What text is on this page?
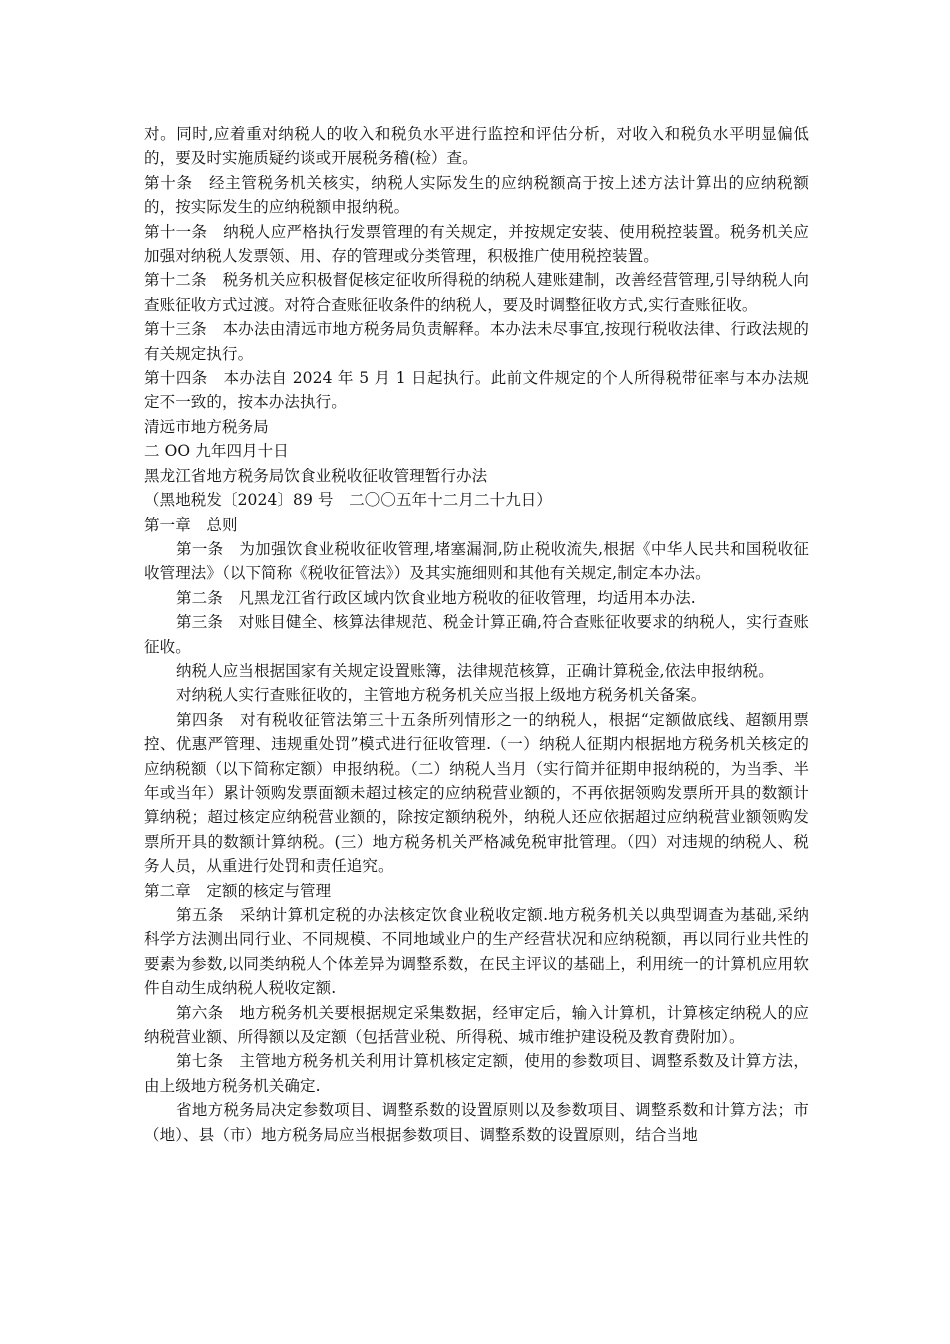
对。同时,应着重对纳税人的收入和税负水平进行监控和评估分析，对收入和税负水平明显偏低的，要及时实施质疑约谈或开展税务稽(检）查。

第十条　经主管税务机关核实，纳税人实际发生的应纳税额高于按上述方法计算出的应纳税额的，按实际发生的应纳税额申报纳税。

第十一条　纳税人应严格执行发票管理的有关规定，并按规定安装、使用税控装置。税务机关应加强对纳税人发票领、用、存的管理或分类管理，积极推广使用税控装置。

第十二条　税务机关应积极督促核定征收所得税的纳税人建账建制，改善经营管理,引导纳税人向查账征收方式过渡。对符合查账征收条件的纳税人，要及时调整征收方式,实行查账征收。

第十三条　本办法由清远市地方税务局负责解释。本办法未尽事宜,按现行税收法律、行政法规的有关规定执行。

第十四条　本办法自 2024 年 5 月 1 日起执行。此前文件规定的个人所得税带征率与本办法规定不一致的，按本办法执行。

清远市地方税务局

二 OO 九年四月十日

黑龙江省地方税务局饮食业税收征收管理暂行办法

（黑地税发〔2024〕89 号　二〇〇五年十二月二十九日）

第一章　总则

第一条　为加强饮食业税收征收管理,堵塞漏洞,防止税收流失,根据《中华人民共和国税收征收管理法》（以下简称《税收征管法》）及其实施细则和其他有关规定,制定本办法。

第二条　凡黑龙江省行政区域内饮食业地方税收的征收管理，均适用本办法.

第三条　对账目健全、核算法律规范、税金计算正确,符合查账征收要求的纳税人，实行查账征收。

纳税人应当根据国家有关规定设置账簿，法律规范核算，正确计算税金,依法申报纳税。

对纳税人实行查账征收的，主管地方税务机关应当报上级地方税务机关备案。

第四条　对有税收征管法第三十五条所列情形之一的纳税人，根据“定额做底线、超额用票控、优惠严管理、违规重处罚”模式进行征收管理.（一）纳税人征期内根据地方税务机关核定的应纳税额（以下简称定额）申报纳税。（二）纳税人当月（实行简并征期申报纳税的，为当季、半年或当年）累计领购发票面额未超过核定的应纳税营业额的，不再依据领购发票所开具的数额计算纳税；超过核定应纳税营业额的，除按定额纳税外，纳税人还应依据超过应纳税营业额领购发票所开具的数额计算纳税。(三）地方税务机关严格减免税审批管理。（四）对违规的纳税人、税务人员，从重进行处罚和责任追究。

第二章　定额的核定与管理

第五条　采纳计算机定税的办法核定饮食业税收定额.地方税务机关以典型调查为基础,采纳科学方法测出同行业、不同规模、不同地域业户的生产经营状况和应纳税额，再以同行业共性的要素为参数,以同类纳税人个体差异为调整系数，在民主评议的基础上，利用统一的计算机应用软件自动生成纳税人税收定额.

第六条　地方税务机关要根据规定采集数据，经审定后，输入计算机，计算核定纳税人的应纳税营业额、所得额以及定额（包括营业税、所得税、城市维护建设税及教育费附加）。

第七条　主管地方税务机关利用计算机核定定额，使用的参数项目、调整系数及计算方法，由上级地方税务机关确定.

省地方税务局决定参数项目、调整系数的设置原则以及参数项目、调整系数和计算方法；市（地）、县（市）地方税务局应当根据参数项目、调整系数的设置原则，结合当地
